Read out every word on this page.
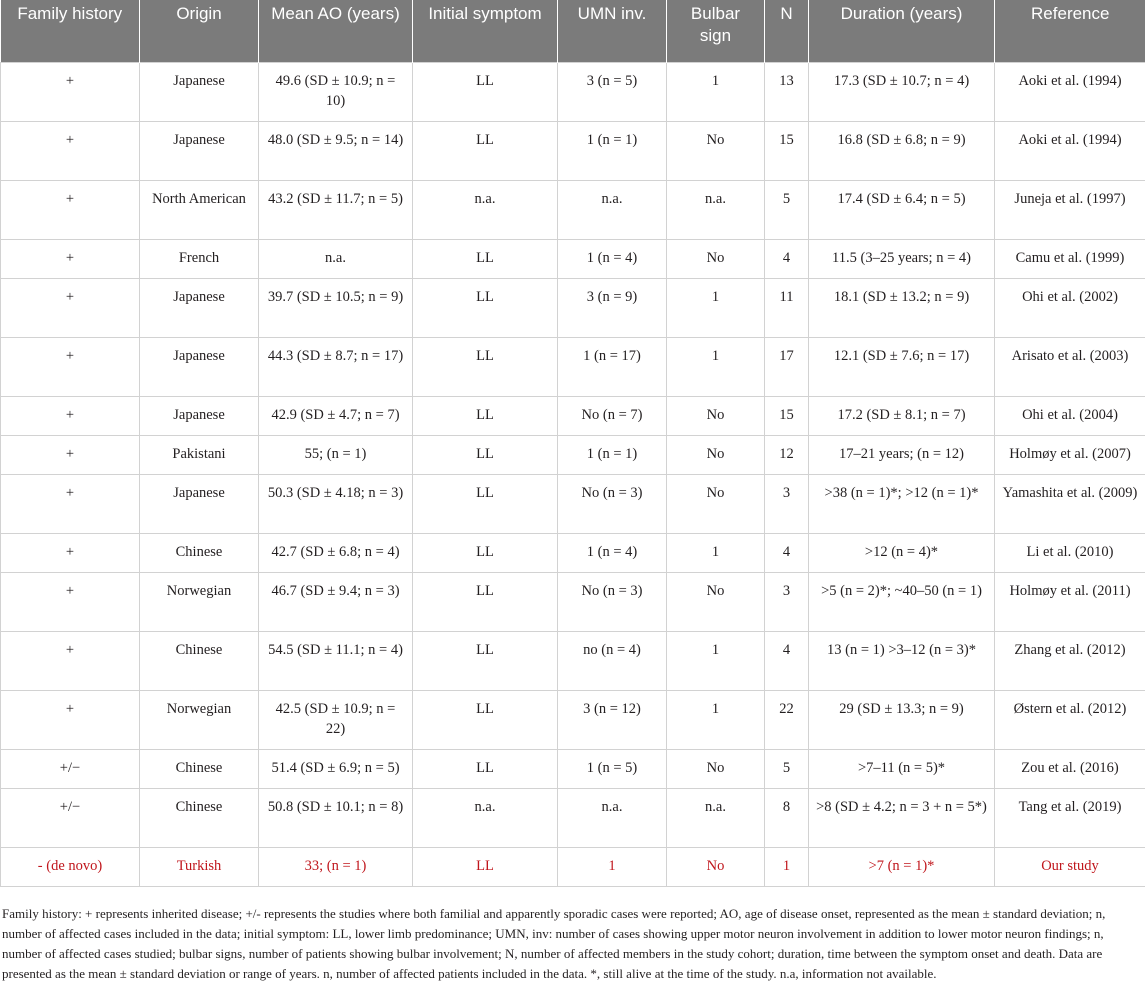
Family history	Origin	Mean AO (years)	Initial symptom	UMN inv.	Bulbar sign	N	Duration (years)	Reference
+	Japanese	49.6 (SD ± 10.9; n = 10)	LL	3 (n = 5)	1	13	17.3 (SD ± 10.7; n = 4)	Aoki et al. (1994)
+	Japanese	48.0 (SD ± 9.5; n = 14)	LL	1 (n = 1)	No	15	16.8 (SD ± 6.8; n = 9)	Aoki et al. (1994)
+	North American	43.2 (SD ± 11.7; n = 5)	n.a.	n.a.	n.a.	5	17.4 (SD ± 6.4; n = 5)	Juneja et al. (1997)
+	French	n.a.	LL	1 (n = 4)	No	4	11.5 (3–25 years; n = 4)	Camu et al. (1999)
+	Japanese	39.7 (SD ± 10.5; n = 9)	LL	3 (n = 9)	1	11	18.1 (SD ± 13.2; n = 9)	Ohi et al. (2002)
+	Japanese	44.3 (SD ± 8.7; n = 17)	LL	1 (n = 17)	1	17	12.1 (SD ± 7.6; n = 17)	Arisato et al. (2003)
+	Japanese	42.9 (SD ± 4.7; n = 7)	LL	No (n = 7)	No	15	17.2 (SD ± 8.1; n = 7)	Ohi et al. (2004)
+	Pakistani	55; (n = 1)	LL	1 (n = 1)	No	12	17–21 years; (n = 12)	Holmøy et al. (2007)
+	Japanese	50.3 (SD ± 4.18; n = 3)	LL	No (n = 3)	No	3	>38 (n = 1)*; >12 (n = 1)*	Yamashita et al. (2009)
+	Chinese	42.7 (SD ± 6.8; n = 4)	LL	1 (n = 4)	1	4	>12 (n = 4)*	Li et al. (2010)
+	Norwegian	46.7 (SD ± 9.4; n = 3)	LL	No (n = 3)	No	3	>5 (n = 2)*; ~40–50 (n = 1)	Holmøy et al. (2011)
+	Chinese	54.5 (SD ± 11.1; n = 4)	LL	no (n = 4)	1	4	13 (n = 1) >3–12 (n = 3)*	Zhang et al. (2012)
+	Norwegian	42.5 (SD ± 10.9; n = 22)	LL	3 (n = 12)	1	22	29 (SD ± 13.3; n = 9)	Østern et al. (2012)
+/−	Chinese	51.4 (SD ± 6.9; n = 5)	LL	1 (n = 5)	No	5	>7–11 (n = 5)*	Zou et al. (2016)
+/−	Chinese	50.8 (SD ± 10.1; n = 8)	n.a.	n.a.	n.a.	8	>8 (SD ± 4.2; n = 3 + n = 5*)	Tang et al. (2019)
- (de novo)	Turkish	33; (n = 1)	LL	1	No	1	>7 (n = 1)*	Our study
Family history: + represents inherited disease; +/- represents the studies where both familial and apparently sporadic cases were reported; AO, age of disease onset, represented as the mean ± standard deviation; n, number of affected cases included in the data; initial symptom: LL, lower limb predominance; UMN, inv: number of cases showing upper motor neuron involvement in addition to lower motor neuron findings; n, number of affected cases studied; bulbar signs, number of patients showing bulbar involvement; N, number of affected members in the study cohort; duration, time between the symptom onset and death. Data are presented as the mean ± standard deviation or range of years. n, number of affected patients included in the data. *, still alive at the time of the study. n.a, information not available.
